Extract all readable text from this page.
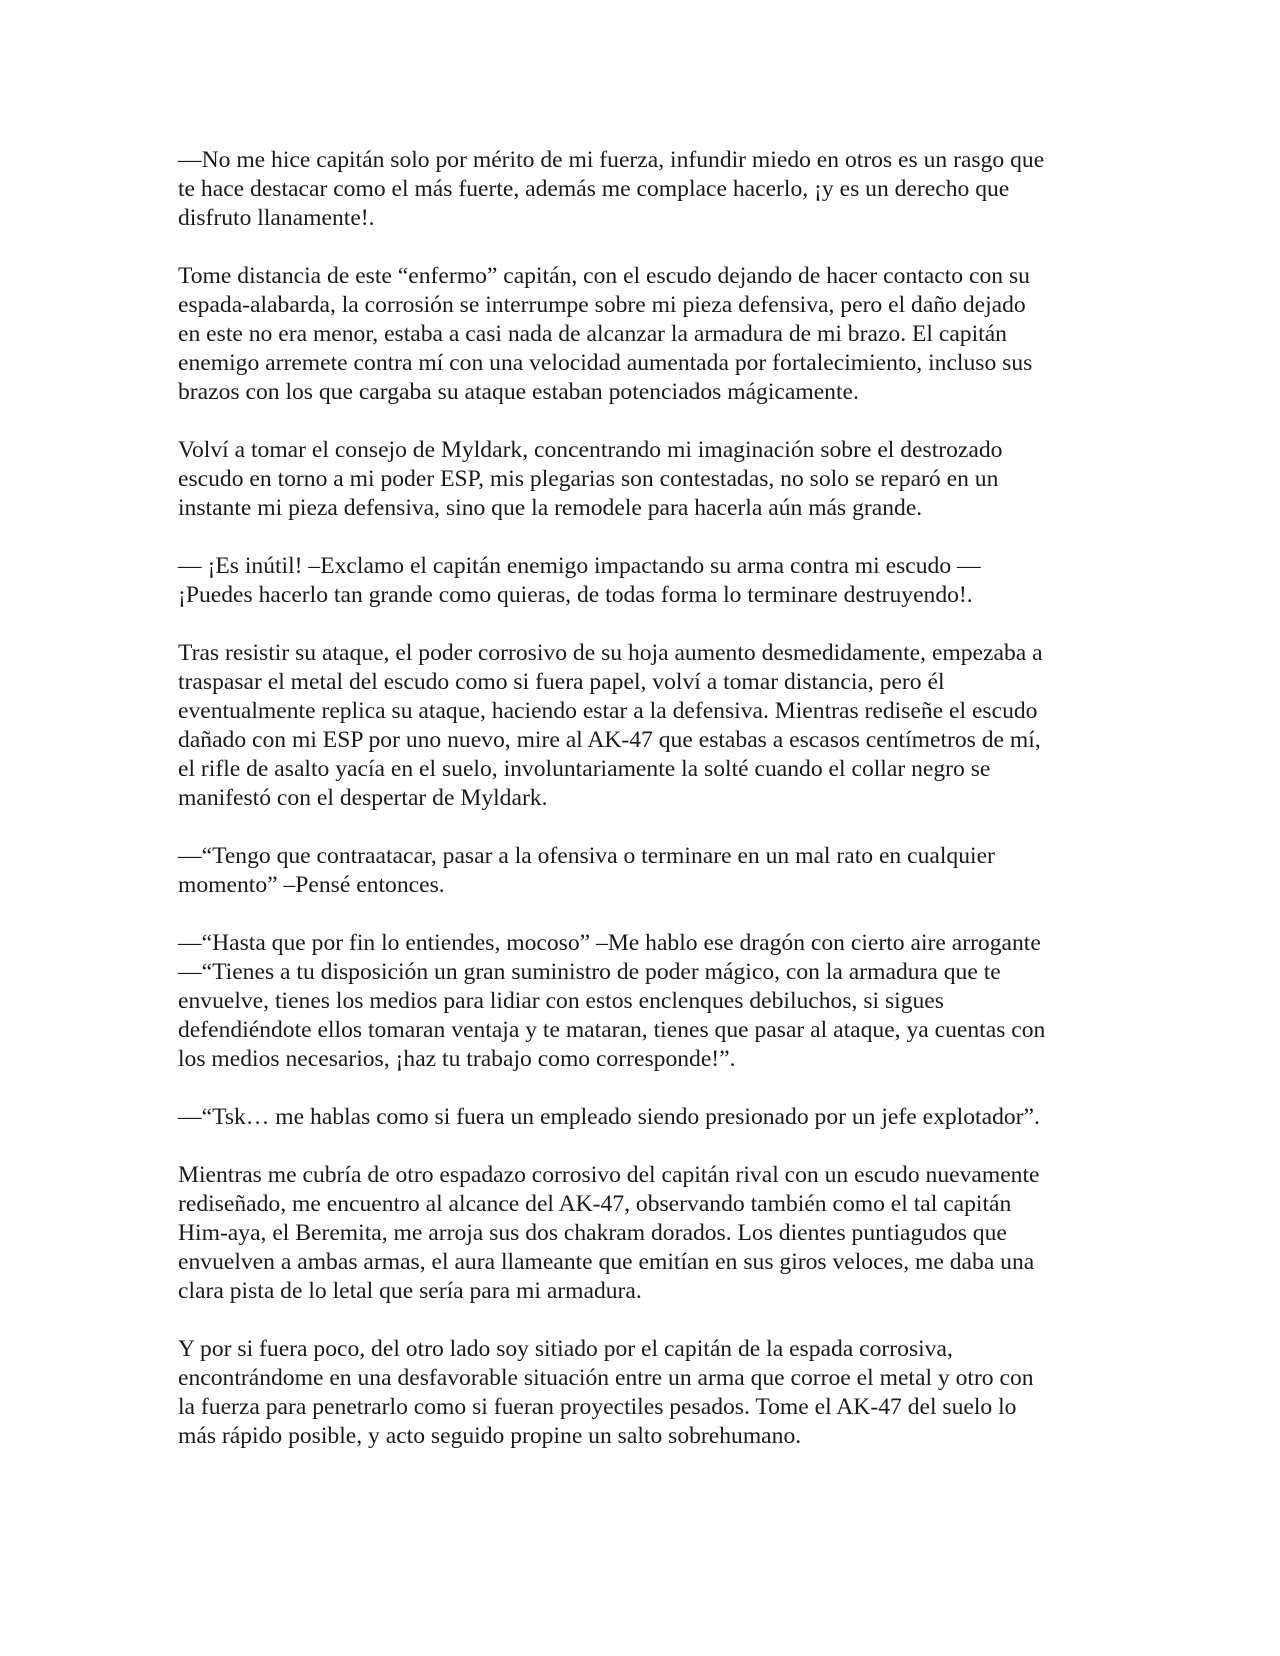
—No me hice capitán solo por mérito de mi fuerza, infundir miedo en otros es un rasgo que
te hace destacar como el más fuerte, además me complace hacerlo, ¡y es un derecho que
disfruto llanamente!.

Tome distancia de este “enfermo” capitán, con el escudo dejando de hacer contacto con su
espada-alabarda, la corrosión se interrumpe sobre mi pieza defensiva, pero el daño dejado
en este no era menor, estaba a casi nada de alcanzar la armadura de mi brazo. El capitán
enemigo arremete contra mí con una velocidad aumentada por fortalecimiento, incluso sus
brazos con los que cargaba su ataque estaban potenciados mágicamente.

Volví a tomar el consejo de Myldark, concentrando mi imaginación sobre el destrozado
escudo en torno a mi poder ESP, mis plegarias son contestadas, no solo se reparó en un
instante mi pieza defensiva, sino que la remodele para hacerla aún más grande.

— ¡Es inútil! –Exclamo el capitán enemigo impactando su arma contra mi escudo —
¡Puedes hacerlo tan grande como quieras, de todas forma lo terminare destruyendo!.

Tras resistir su ataque, el poder corrosivo de su hoja aumento desmedidamente, empezaba a
traspasar el metal del escudo como si fuera papel, volví a tomar distancia, pero él
eventualmente replica su ataque, haciendo estar a la defensiva. Mientras rediseñe el escudo
dañado con mi ESP por uno nuevo, mire al AK-47 que estabas a escasos centímetros de mí,
el rifle de asalto yacía en el suelo, involuntariamente la solté cuando el collar negro se
manifestó con el despertar de Myldark.

—“Tengo que contraatacar, pasar a la ofensiva o terminare en un mal rato en cualquier
momento” –Pensé entonces.

—“Hasta que por fin lo entiendes, mocoso” –Me hablo ese dragón con cierto aire arrogante
—“Tienes a tu disposición un gran suministro de poder mágico, con la armadura que te
envuelve, tienes los medios para lidiar con estos enclenques debiluchos, si sigues
defendiéndote ellos tomaran ventaja y te mataran, tienes que pasar al ataque, ya cuentas con
los medios necesarios, ¡haz tu trabajo como corresponde!”.

—“Tsk… me hablas como si fuera un empleado siendo presionado por un jefe explotador”.

Mientras me cubría de otro espadazo corrosivo del capitán rival con un escudo nuevamente
rediseñado, me encuentro al alcance del AK-47, observando también como el tal capitán
Him-aya, el Beremita, me arroja sus dos chakram dorados. Los dientes puntiagudos que
envuelven a ambas armas, el aura llameante que emitían en sus giros veloces, me daba una
clara pista de lo letal que sería para mi armadura.

Y por si fuera poco, del otro lado soy sitiado por el capitán de la espada corrosiva,
encontrándome en una desfavorable situación entre un arma que corroe el metal y otro con
la fuerza para penetrarlo como si fueran proyectiles pesados. Tome el AK-47 del suelo lo
más rápido posible, y acto seguido propine un salto sobrehumano.
